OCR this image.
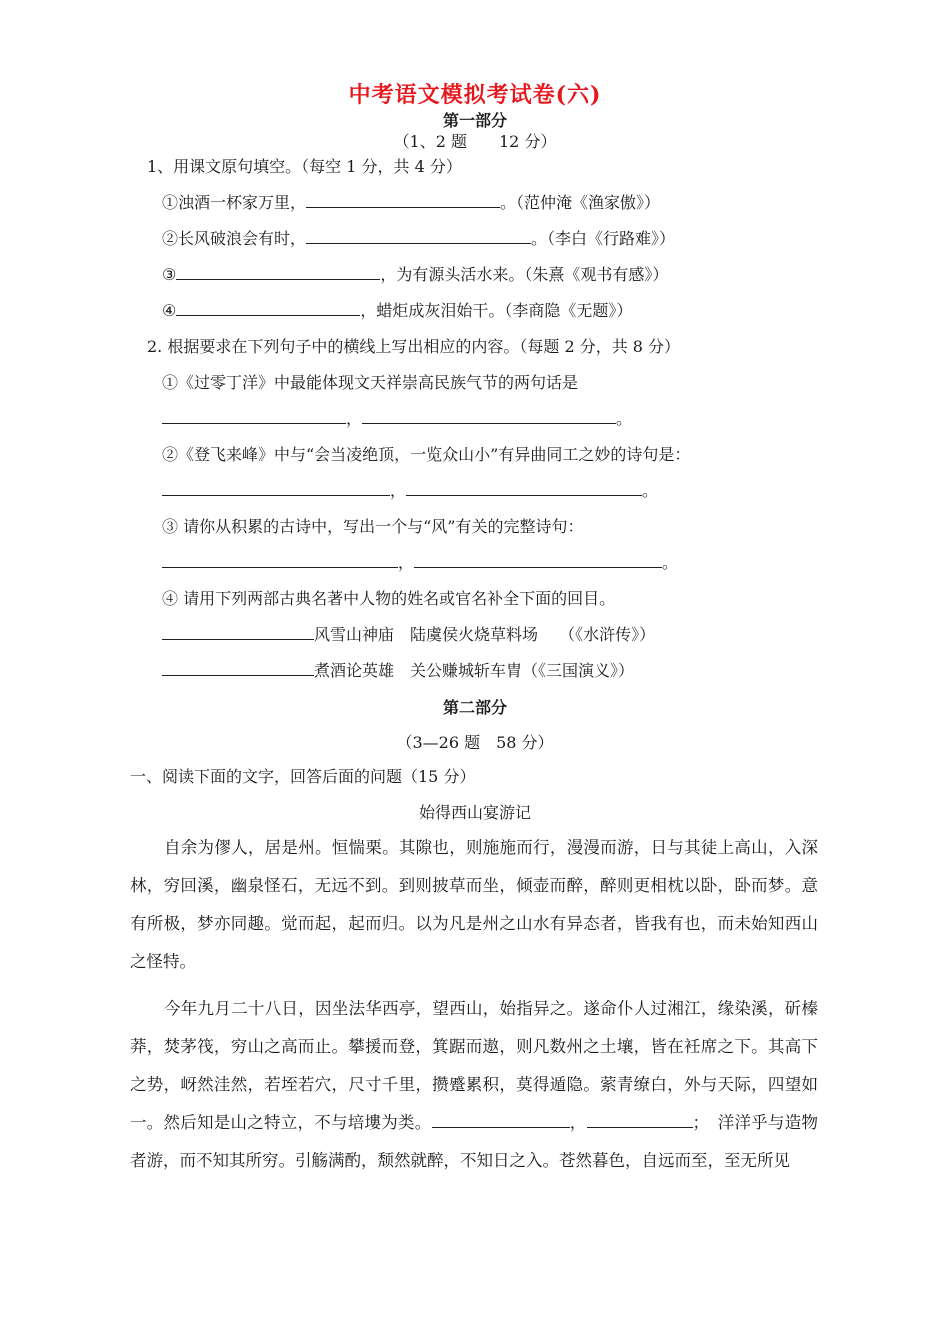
中考语文模拟考试卷(六)
第一部分
（1、2 题　　12 分）
1、用课文原句填空。（每空 1 分，共 4 分）
①浊酒一杯家万里，	。（范仲淹《渔家傲》）
②长风破浪会有时，	。（李白《行路难》）
③	，为有源头活水来。（朱熹《观书有感》）
④	，蜡炬成灰泪始干。（李商隐《无题》）
2. 根据要求在下列句子中的横线上写出相应的内容。（每题 2 分，共 8 分）
①《过零丁洋》中最能体现文天祥崇高民族气节的两句话是
，	。
②《登飞来峰》中与“会当凌绝顶，一览众山小”有异曲同工之妙的诗句是：
，	。
③ 请你从积累的古诗中，写出一个与“风”有关的完整诗句：
，	。
④ 请用下列两部古典名著中人物的姓名或官名补全下面的回目。
风雪山神庙　陆虞侯火烧草料场　 （《水浒传》）
煮酒论英雄　关公赚城斩车胄（《三国演义》）
第二部分
（3—26 题　58 分）
一、阅读下面的文字，回答后面的问题（15 分）
始得西山宴游记

自余为僇人，居是州。恒惴栗。其隙也，则施施而行，漫漫而游，日与其徒上高山，入深林，穷回溪，幽泉怪石，无远不到。到则披草而坐，倾壶而醉，醉则更相枕以卧，卧而梦。意有所极，梦亦同趣。觉而起，起而归。以为凡是州之山水有异态者，皆我有也，而未始知西山之怪特。

今年九月二十八日，因坐法华西亭，望西山，始指异之。遂命仆人过湘江，缘染溪，斫榛莽，焚茅筏，穷山之高而止。攀援而登，箕踞而遨，则凡数州之土壤，皆在衽席之下。其高下之势，岈然洼然，若垤若穴，尺寸千里，攒蹙累积，莫得遁隐。萦青缭白，外与天际，四望如一。然后知是山之特立，不与培塿为类。	，	；　洋洋乎与造物者游，而不知其所穷。引觞满酌，颓然就醉，不知日之入。苍然暮色，自远而至，至无所见
